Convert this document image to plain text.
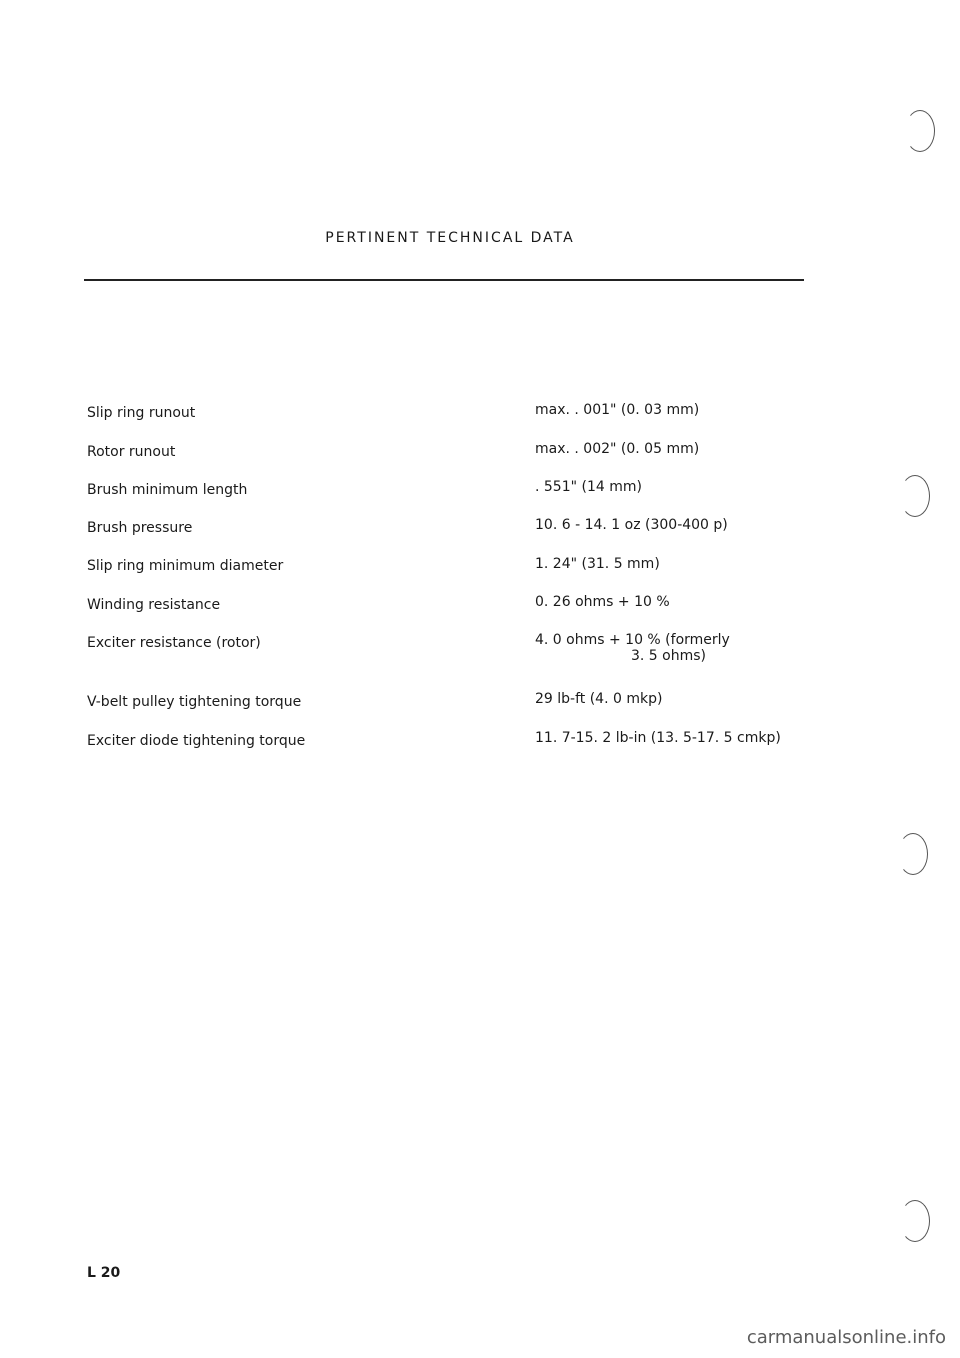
PERTINENT TECHNICAL DATA
Slip ring runout	max. . 001" (0. 03 mm)
Rotor runout	max. . 002" (0. 05 mm)
Brush minimum length	. 551" (14 mm)
Brush pressure	10. 6 - 14. 1 oz (300-400 p)
Slip ring minimum diameter	1. 24" (31. 5 mm)
Winding resistance	0. 26 ohms + 10 %
Exciter resistance (rotor)	4. 0 ohms + 10 % (formerly
3. 5 ohms)
V-belt pulley tightening torque	29 lb-ft (4. 0 mkp)
Exciter diode tightening torque	11. 7-15. 2 lb-in (13. 5-17. 5 cmkp)
L 20
carmanualsonline.info
